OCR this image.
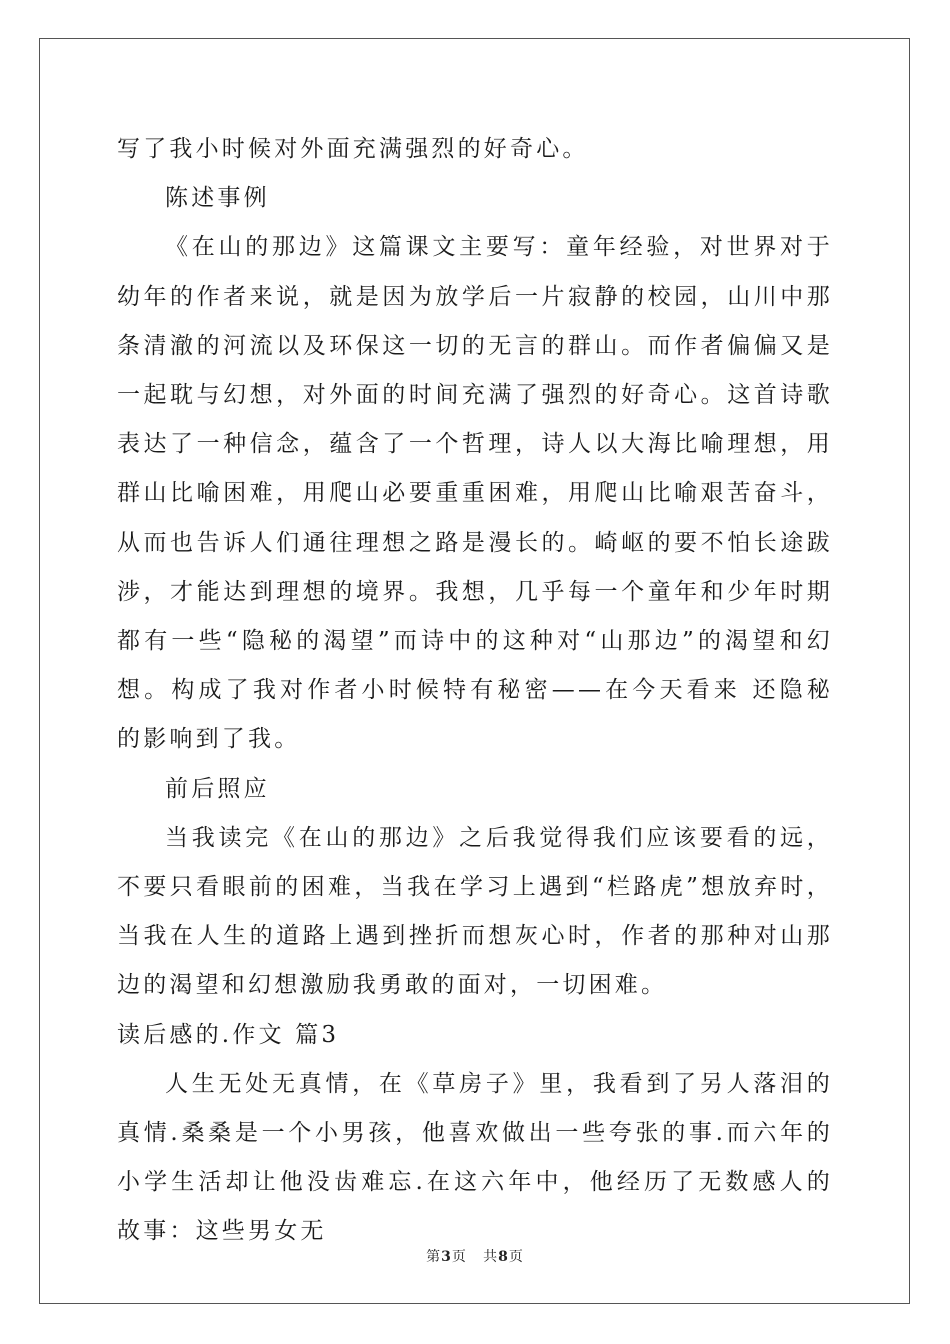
写了我小时候对外面充满强烈的好奇心。

陈述事例

《在山的那边》这篇课文主要写：童年经验，对世界对于幼年的作者来说，就是因为放学后一片寂静的校园，山川中那条清澈的河流以及环保这一切的无言的群山。而作者偏偏又是一起耽与幻想，对外面的时间充满了强烈的好奇心。这首诗歌表达了一种信念，蕴含了一个哲理，诗人以大海比喻理想，用群山比喻困难，用爬山必要重重困难，用爬山比喻艰苦奋斗，从而也告诉人们通往理想之路是漫长的。崎岖的要不怕长途跋涉，才能达到理想的境界。我想，几乎每一个童年和少年时期都有一些“隐秘的渴望”而诗中的这种对“山那边”的渴望和幻想。构成了我对作者小时候特有秘密——在今天看来 还隐秘的影响到了我。

前后照应

当我读完《在山的那边》之后我觉得我们应该要看的远，不要只看眼前的困难，当我在学习上遇到“栏路虎”想放弃时，当我在人生的道路上遇到挫折而想灰心时，作者的那种对山那边的渴望和幻想激励我勇敢的面对，一切困难。

读后感的.作文 篇3

人生无处无真情，在《草房子》里，我看到了另人落泪的真情.桑桑是一个小男孩，他喜欢做出一些夸张的事.而六年的小学生活却让他没齿难忘.在这六年中，他经历了无数感人的故事：这些男女无

第3页 共8页
